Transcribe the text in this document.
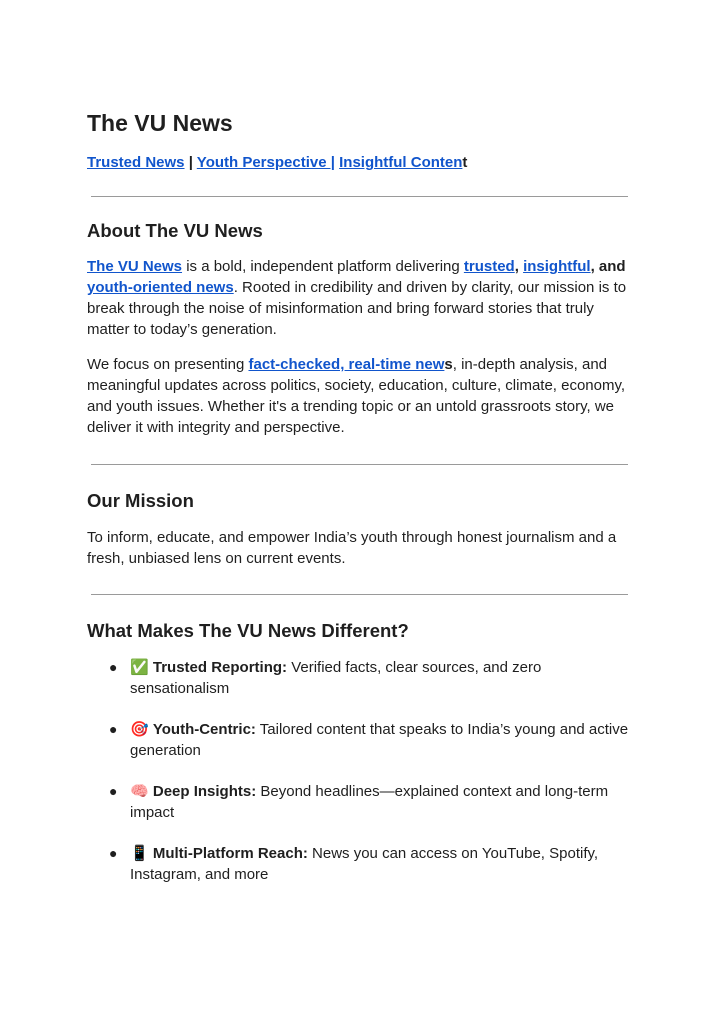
The VU News
Trusted News | Youth Perspective | Insightful Content
About The VU News

The VU News is a bold, independent platform delivering trusted, insightful, and youth-oriented news. Rooted in credibility and driven by clarity, our mission is to break through the noise of misinformation and bring forward stories that truly matter to today’s generation.

We focus on presenting fact-checked, real-time news, in-depth analysis, and meaningful updates across politics, society, education, culture, climate, economy, and youth issues. Whether it's a trending topic or an untold grassroots story, we deliver it with integrity and perspective.

Our Mission

To inform, educate, and empower India’s youth through honest journalism and a fresh, unbiased lens on current events.

What Makes The VU News Different?
● ✅ Trusted Reporting: Verified facts, clear sources, and zero sensationalism
● 🎯 Youth-Centric: Tailored content that speaks to India’s young and active generation
● 🧠 Deep Insights: Beyond headlines—explained context and long-term impact
● 📱 Multi-Platform Reach: News you can access on YouTube, Spotify, Instagram, and more
